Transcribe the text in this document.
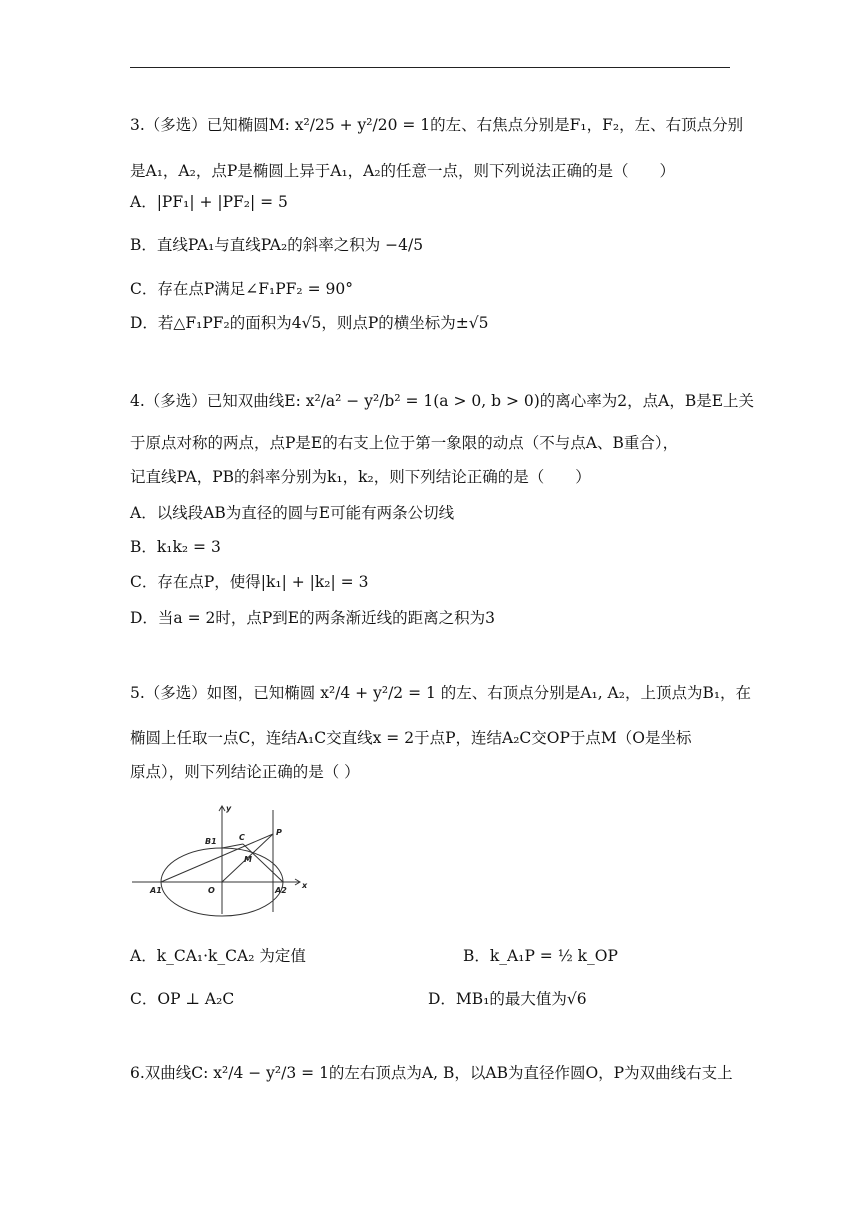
3.（多选）已知椭圆M: x²/25 + y²/20 = 1的左、右焦点分别是F₁，F₂，左、右顶点分别
是A₁，A₂，点P是椭圆上异于A₁，A₂的任意一点，则下列说法正确的是（　　）
A．|PF₁| + |PF₂| = 5
B．直线PA₁与直线PA₂的斜率之积为 −4/5
C．存在点P满足∠F₁PF₂ = 90°
D．若△F₁PF₂的面积为4√5，则点P的横坐标为±√5
4.（多选）已知双曲线E: x²/a² − y²/b² = 1(a > 0, b > 0)的离心率为2，点A，B是E上关
于原点对称的两点，点P是E的右支上位于第一象限的动点（不与点A、B重合），
记直线PA，PB的斜率分别为k₁，k₂，则下列结论正确的是（　　）
A．以线段AB为直径的圆与E可能有两条公切线
B．k₁k₂ = 3
C．存在点P，使得|k₁| + |k₂| = 3
D．当a = 2时，点P到E的两条渐近线的距离之积为3
5.（多选）如图，已知椭圆 x²/4 + y²/2 = 1 的左、右顶点分别是A₁, A₂，上顶点为B₁，在
椭圆上任取一点C，连结A₁C交直线x = 2于点P，连结A₂C交OP于点M（O是坐标
原点），则下列结论正确的是（ ）
y
x
B1	C
P
M
O
A1	A2
A．k_CA₁·k_CA₂ 为定值	B．k_A₁P = ½ k_OP
C．OP ⊥ A₂C	D．MB₁的最大值为√6
6.双曲线C: x²/4 − y²/3 = 1的左右顶点为A, B，以AB为直径作圆O，P为双曲线右支上
